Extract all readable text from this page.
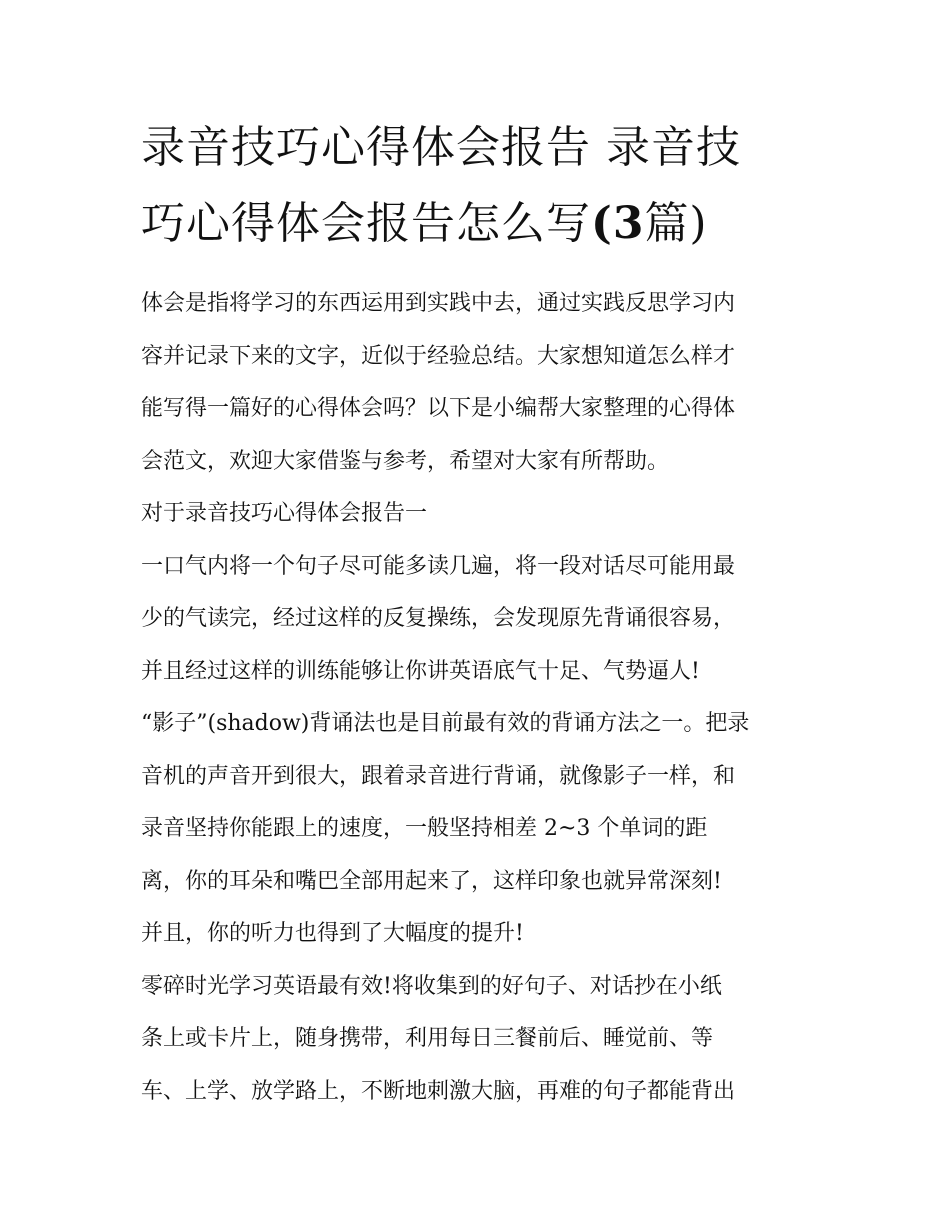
录音技巧心得体会报告 录音技
巧心得体会报告怎么写(3篇)

体会是指将学习的东西运用到实践中去，通过实践反思学习内
容并记录下来的文字，近似于经验总结。大家想知道怎么样才
能写得一篇好的心得体会吗？以下是小编帮大家整理的心得体
会范文，欢迎大家借鉴与参考，希望对大家有所帮助。

对于录音技巧心得体会报告一

一口气内将一个句子尽可能多读几遍，将一段对话尽可能用最
少的气读完，经过这样的反复操练，会发现原先背诵很容易，
并且经过这样的训练能够让你讲英语底气十足、气势逼人!

“影子”(shadow)背诵法也是目前最有效的背诵方法之一。把录
音机的声音开到很大，跟着录音进行背诵，就像影子一样，和
录音坚持你能跟上的速度，一般坚持相差 2~3 个单词的距
离，你的耳朵和嘴巴全部用起来了，这样印象也就异常深刻!
并且，你的听力也得到了大幅度的提升!

零碎时光学习英语最有效!将收集到的好句子、对话抄在小纸
条上或卡片上，随身携带，利用每日三餐前后、睡觉前、等
车、上学、放学路上，不断地刺激大脑，再难的句子都能背出
